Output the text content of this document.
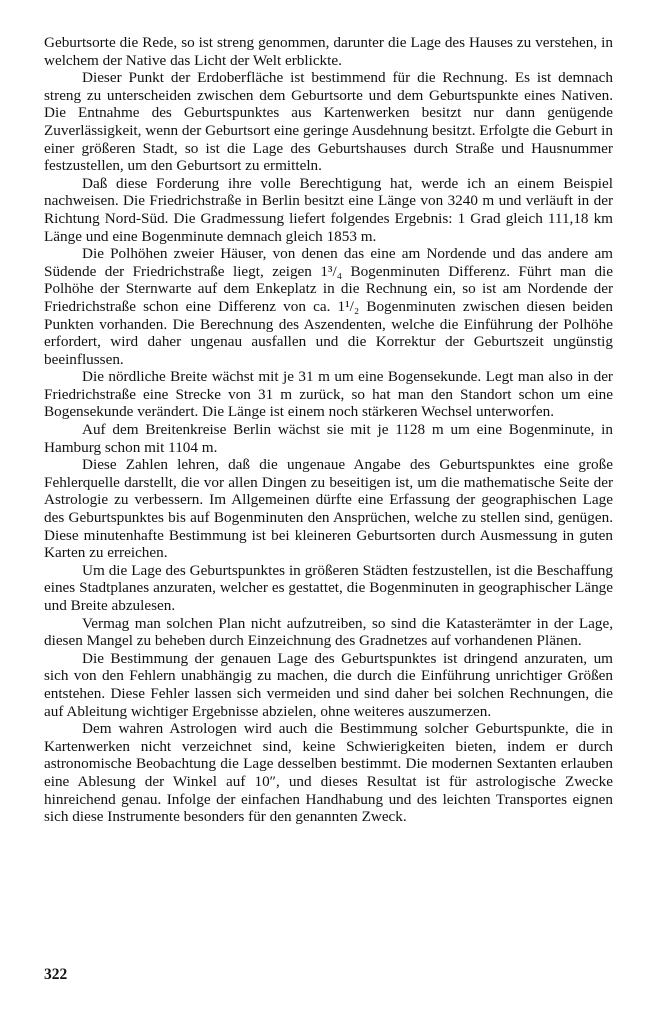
Geburtsorte die Rede, so ist streng genommen, darunter die Lage des Hauses zu verstehen, in welchem der Native das Licht der Welt erblickte.

Dieser Punkt der Erdoberfläche ist bestimmend für die Rechnung. Es ist demnach streng zu unterscheiden zwischen dem Geburtsorte und dem Geburtspunkte eines Nativen. Die Entnahme des Geburtspunktes aus Kartenwerken besitzt nur dann genügende Zuverlässigkeit, wenn der Geburtsort eine geringe Ausdehnung besitzt. Erfolgte die Geburt in einer größeren Stadt, so ist die Lage des Geburtshauses durch Straße und Hausnummer festzustellen, um den Geburtsort zu ermitteln.

Daß diese Forderung ihre volle Berechtigung hat, werde ich an einem Beispiel nachweisen. Die Friedrichstraße in Berlin besitzt eine Länge von 3240 m und verläuft in der Richtung Nord-Süd. Die Gradmessung liefert folgendes Ergebnis: 1 Grad gleich 111,18 km Länge und eine Bogenminute demnach gleich 1853 m.

Die Polhöhen zweier Häuser, von denen das eine am Nordende und das andere am Südende der Friedrichstraße liegt, zeigen 1³/₄ Bogenminuten Differenz. Führt man die Polhöhe der Sternwarte auf dem Enkeplatz in die Rechnung ein, so ist am Nordende der Friedrichstraße schon eine Differenz von ca. 1¹/₂ Bogenminuten zwischen diesen beiden Punkten vorhanden. Die Berechnung des Aszendenten, welche die Einführung der Polhöhe erfordert, wird daher ungenau ausfallen und die Korrektur der Geburtszeit ungünstig beeinflussen.

Die nördliche Breite wächst mit je 31 m um eine Bogensekunde. Legt man also in der Friedrichstraße eine Strecke von 31 m zurück, so hat man den Standort schon um eine Bogensekunde verändert. Die Länge ist einem noch stärkeren Wechsel unterworfen.

Auf dem Breitenkreise Berlin wächst sie mit je 1128 m um eine Bogenminute, in Hamburg schon mit 1104 m.

Diese Zahlen lehren, daß die ungenaue Angabe des Geburtspunktes eine große Fehlerquelle darstellt, die vor allen Dingen zu beseitigen ist, um die mathematische Seite der Astrologie zu verbessern. Im Allgemeinen dürfte eine Erfassung der geographischen Lage des Geburtspunktes bis auf Bogenminuten den Ansprüchen, welche zu stellen sind, genügen. Diese minutenhafte Bestimmung ist bei kleineren Geburtsorten durch Ausmessung in guten Karten zu erreichen.

Um die Lage des Geburtspunktes in größeren Städten festzustellen, ist die Beschaffung eines Stadtplanes anzuraten, welcher es gestattet, die Bogenminuten in geographischer Länge und Breite abzulesen.

Vermag man solchen Plan nicht aufzutreiben, so sind die Katasterämter in der Lage, diesen Mangel zu beheben durch Einzeichnung des Gradnetzes auf vorhandenen Plänen.

Die Bestimmung der genauen Lage des Geburtspunktes ist dringend anzuraten, um sich von den Fehlern unabhängig zu machen, die durch die Einführung unrichtiger Größen entstehen. Diese Fehler lassen sich vermeiden und sind daher bei solchen Rechnungen, die auf Ableitung wichtiger Ergebnisse abzielen, ohne weiteres auszumerzen.

Dem wahren Astrologen wird auch die Bestimmung solcher Geburtspunkte, die in Kartenwerken nicht verzeichnet sind, keine Schwierigkeiten bieten, indem er durch astronomische Beobachtung die Lage desselben bestimmt. Die modernen Sextanten erlauben eine Ablesung der Winkel auf 10″, und dieses Resultat ist für astrologische Zwecke hinreichend genau. Infolge der einfachen Handhabung und des leichten Transportes eignen sich diese Instrumente besonders für den genannten Zweck.

322
